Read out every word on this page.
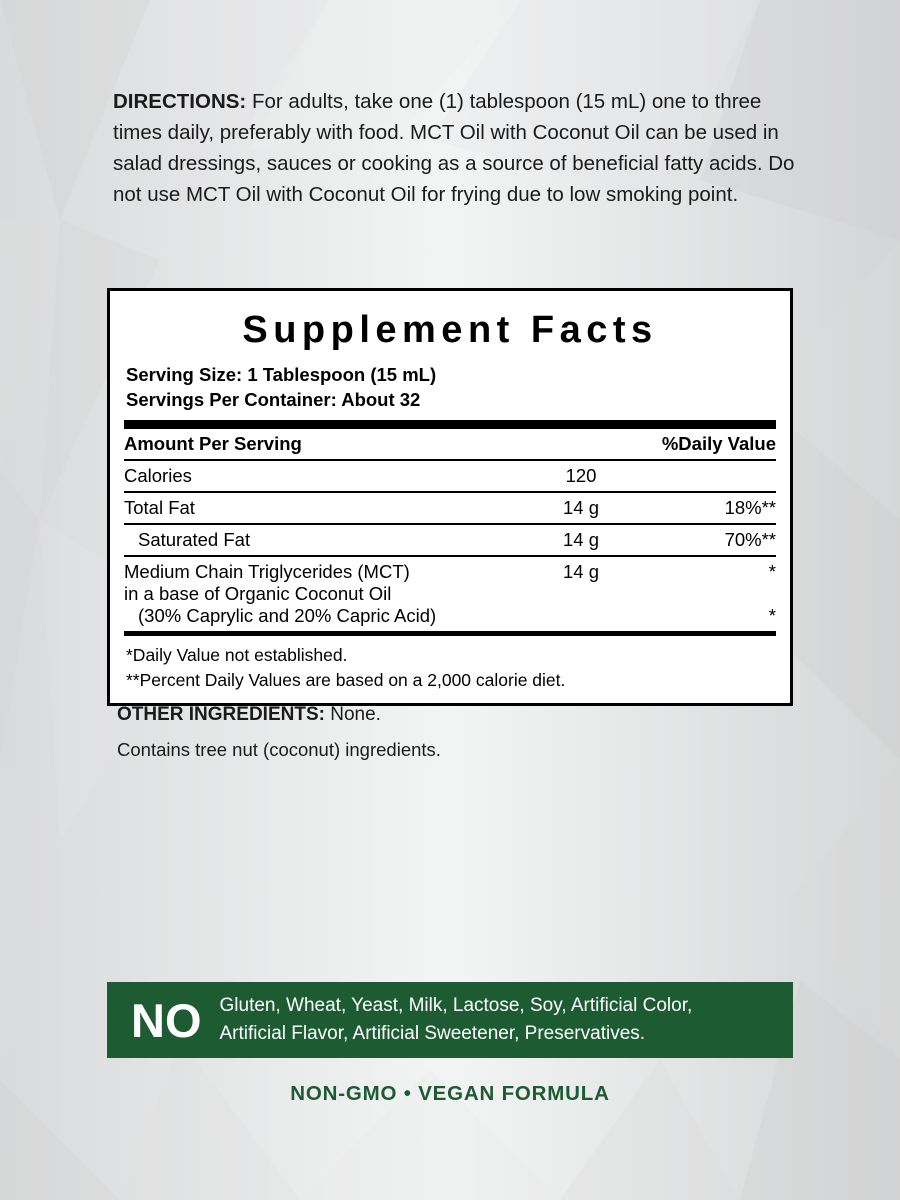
DIRECTIONS: For adults, take one (1) tablespoon (15 mL) one to three times daily, preferably with food. MCT Oil with Coconut Oil can be used in salad dressings, sauces or cooking as a source of beneficial fatty acids. Do not use MCT Oil with Coconut Oil for frying due to low smoking point.
Supplement Facts
Serving Size: 1 Tablespoon (15 mL)
Servings Per Container: About 32
Amount Per Serving		%Daily Value
Calories	120	
Total Fat	14 g	18%**
Saturated Fat	14 g	70%**
Medium Chain Triglycerides (MCT)	14 g	*
in a base of Organic Coconut Oil		
(30% Caprylic and 20% Capric Acid)		*
*Daily Value not established.
**Percent Daily Values are based on a 2,000 calorie diet.
OTHER INGREDIENTS: None.
Contains tree nut (coconut) ingredients.
NO Gluten, Wheat, Yeast, Milk, Lactose, Soy, Artificial Color,
Artificial Flavor, Artificial Sweetener, Preservatives.
NON-GMO • VEGAN FORMULA
